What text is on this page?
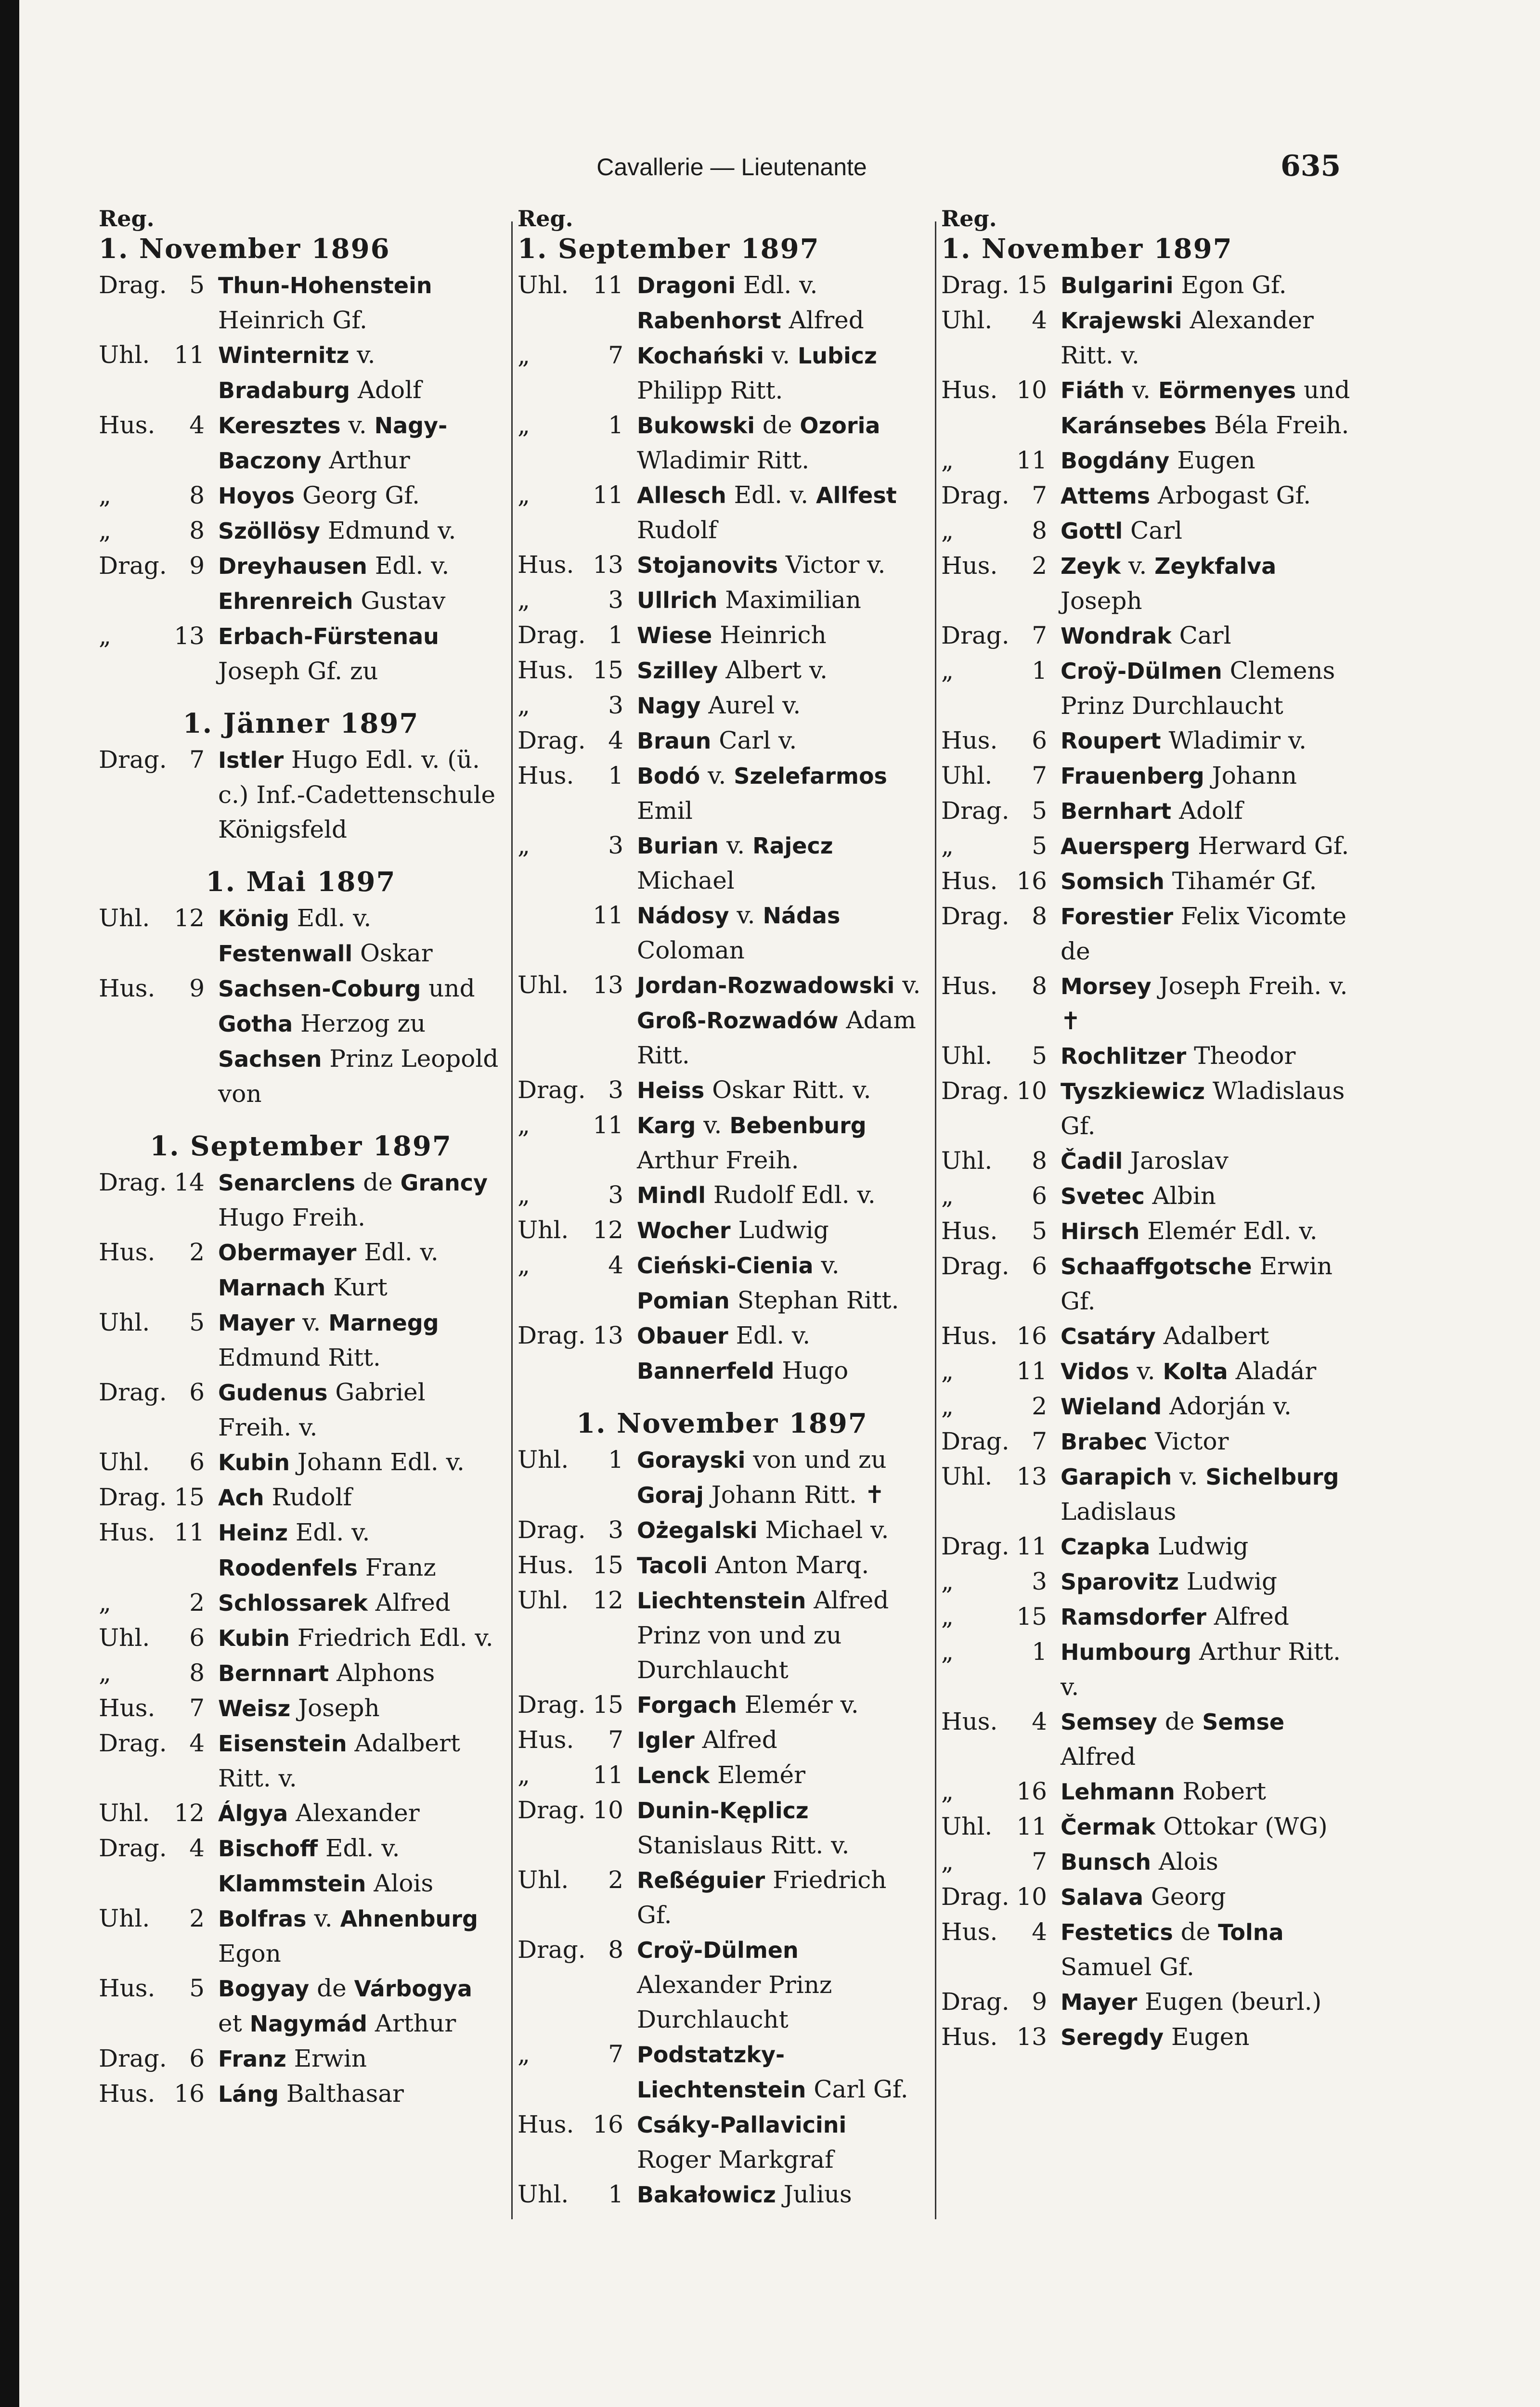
Cavallerie — Lieutenante	635
Reg.
1. November 1896
Drag. 5 Thun-Hohenstein Heinrich Gf.
Uhl.	11 Winternitz v. Bradaburg Adolf
Hus.	4 Keresztes v. Nagy-Baczony Arthur
„	8 Hoyos Georg Gf.
„	8 Szöllösy Edmund v.
Drag. 9 Dreyhausen Edl. v. Ehrenreich Gustav
„	13 Erbach-Fürstenau Joseph Gf. zu
1. Jänner 1897
Drag. 7 Istler Hugo Edl. v. (ü. c.) Inf.-Cadettenschule Königsfeld
1. Mai 1897
Uhl.	12 König Edl. v. Festenwall Oskar
Hus.	9 Sachsen-Coburg und Gotha Herzog zu Sachsen Prinz Leopold von
1. September 1897
Drag. 14 Senarclens de Grancy Hugo Freih.
Hus.	2 Obermayer Edl. v. Marnach Kurt
Uhl.	5 Mayer v. Marnegg Edmund Ritt.
Drag. 6 Gudenus Gabriel Freih. v.
Uhl.	6 Kubin Johann Edl. v.
Drag. 15 Ach Rudolf
Hus. 11 Heinz Edl. v. Roodenfels Franz
„	2 Schlossarek Alfred
Uhl.	6 Kubin Friedrich Edl. v.
„	8 Bernnart Alphons
Hus.	7 Weisz Joseph
Drag. 4 Eisenstein Adalbert Ritt. v.
Uhl.	12 Álgya Alexander
Drag. 4 Bischoff Edl. v. Klammstein Alois
Uhl.	2 Bolfras v. Ahnenburg Egon
Hus.	5 Bogyay de Várbogya et Nagymád Arthur
Drag. 6 Franz Erwin
Hus. 16 Láng Balthasar
Reg.
1. September 1897
Uhl.	11 Dragoni Edl. v. Rabenhorst Alfred
„	7 Kochański v. Lubicz Philipp Ritt.
„	1 Bukowski de Ozoria Wladimir Ritt.
„	11 Allesch Edl. v. Allfest Rudolf
Hus. 13 Stojanovits Victor v.
„	3 Ullrich Maximilian
Drag. 1 Wiese Heinrich
Hus. 15 Szilley Albert v.
„	3 Nagy Aurel v.
Drag. 4 Braun Carl v.
Hus.	1 Bodó v. Szelefarmos Emil
„	3 Burian v. Rajecz Michael
11 Nádosy v. Nádas Coloman
Uhl.	13 Jordan-Rozwadowski v. Groß-Rozwadów Adam Ritt.
Drag. 3 Heiss Oskar Ritt. v.
„	11 Karg v. Bebenburg Arthur Freih.
„	3 Mindl Rudolf Edl. v.
Uhl.	12 Wocher Ludwig
„	4 Cieński-Cienia v. Pomian Stephan Ritt.
Drag. 13 Obauer Edl. v. Bannerfeld Hugo
1. November 1897
Uhl.	1 Gorayski von und zu Goraj Johann Ritt. ✝
Drag. 3 Ożegalski Michael v.
Hus. 15 Tacoli Anton Marq.
Uhl.	12 Liechtenstein Alfred Prinz von und zu Durchlaucht
Drag. 15 Forgach Elemér v.
Hus.	7 Igler Alfred
„	11 Lenck Elemér
Drag. 10 Dunin-Kęplicz Stanislaus Ritt. v.
Uhl.	2 Reßéguier Friedrich Gf.
Drag. 8 Croÿ-Dülmen Alexander Prinz Durchlaucht
„	7 Podstatzky-Liechtenstein Carl Gf.
Hus. 16 Csáky-Pallavicini Roger Markgraf
Uhl.	1 Bakałowicz Julius
Reg.
1. November 1897
Drag. 15 Bulgarini Egon Gf.
Uhl.	4 Krajewski Alexander Ritt. v.
Hus. 10 Fiáth v. Eörmenyes und Karánsebes Béla Freih.
„	11 Bogdány Eugen
Drag. 7 Attems Arbogast Gf.
„	8 Gottl Carl
Hus.	2 Zeyk v. Zeykfalva Joseph
Drag. 7 Wondrak Carl
„	1 Croÿ-Dülmen Clemens Prinz Durchlaucht
Hus.	6 Roupert Wladimir v.
Uhl.	7 Frauenberg Johann
Drag. 5 Bernhart Adolf
„	5 Auersperg Herward Gf.
Hus. 16 Somsich Tihamér Gf.
Drag. 8 Forestier Felix Vicomte de
Hus.	8 Morsey Joseph Freih. v. ✝
Uhl.	5 Rochlitzer Theodor
Drag. 10 Tyszkiewicz Wladislaus Gf.
Uhl.	8 Čadil Jaroslav
„	6 Svetec Albin
Hus.	5 Hirsch Elemér Edl. v.
Drag. 6 Schaaffgotsche Erwin Gf.
Hus. 16 Csatáry Adalbert
„	11 Vidos v. Kolta Aladár
„	2 Wieland Adorján v.
Drag. 7 Brabec Victor
Uhl.	13 Garapich v. Sichelburg Ladislaus
Drag. 11 Czapka Ludwig
„	3 Sparovitz Ludwig
„	15 Ramsdorfer Alfred
„	1 Humbourg Arthur Ritt. v.
Hus.	4 Semsey de Semse Alfred
„	16 Lehmann Robert
Uhl.	11 Čermak Ottokar (WG)
„	7 Bunsch Alois
Drag. 10 Salava Georg
Hus.	4 Festetics de Tolna Samuel Gf.
Drag. 9 Mayer Eugen (beurl.)
Hus. 13 Seregdy Eugen
